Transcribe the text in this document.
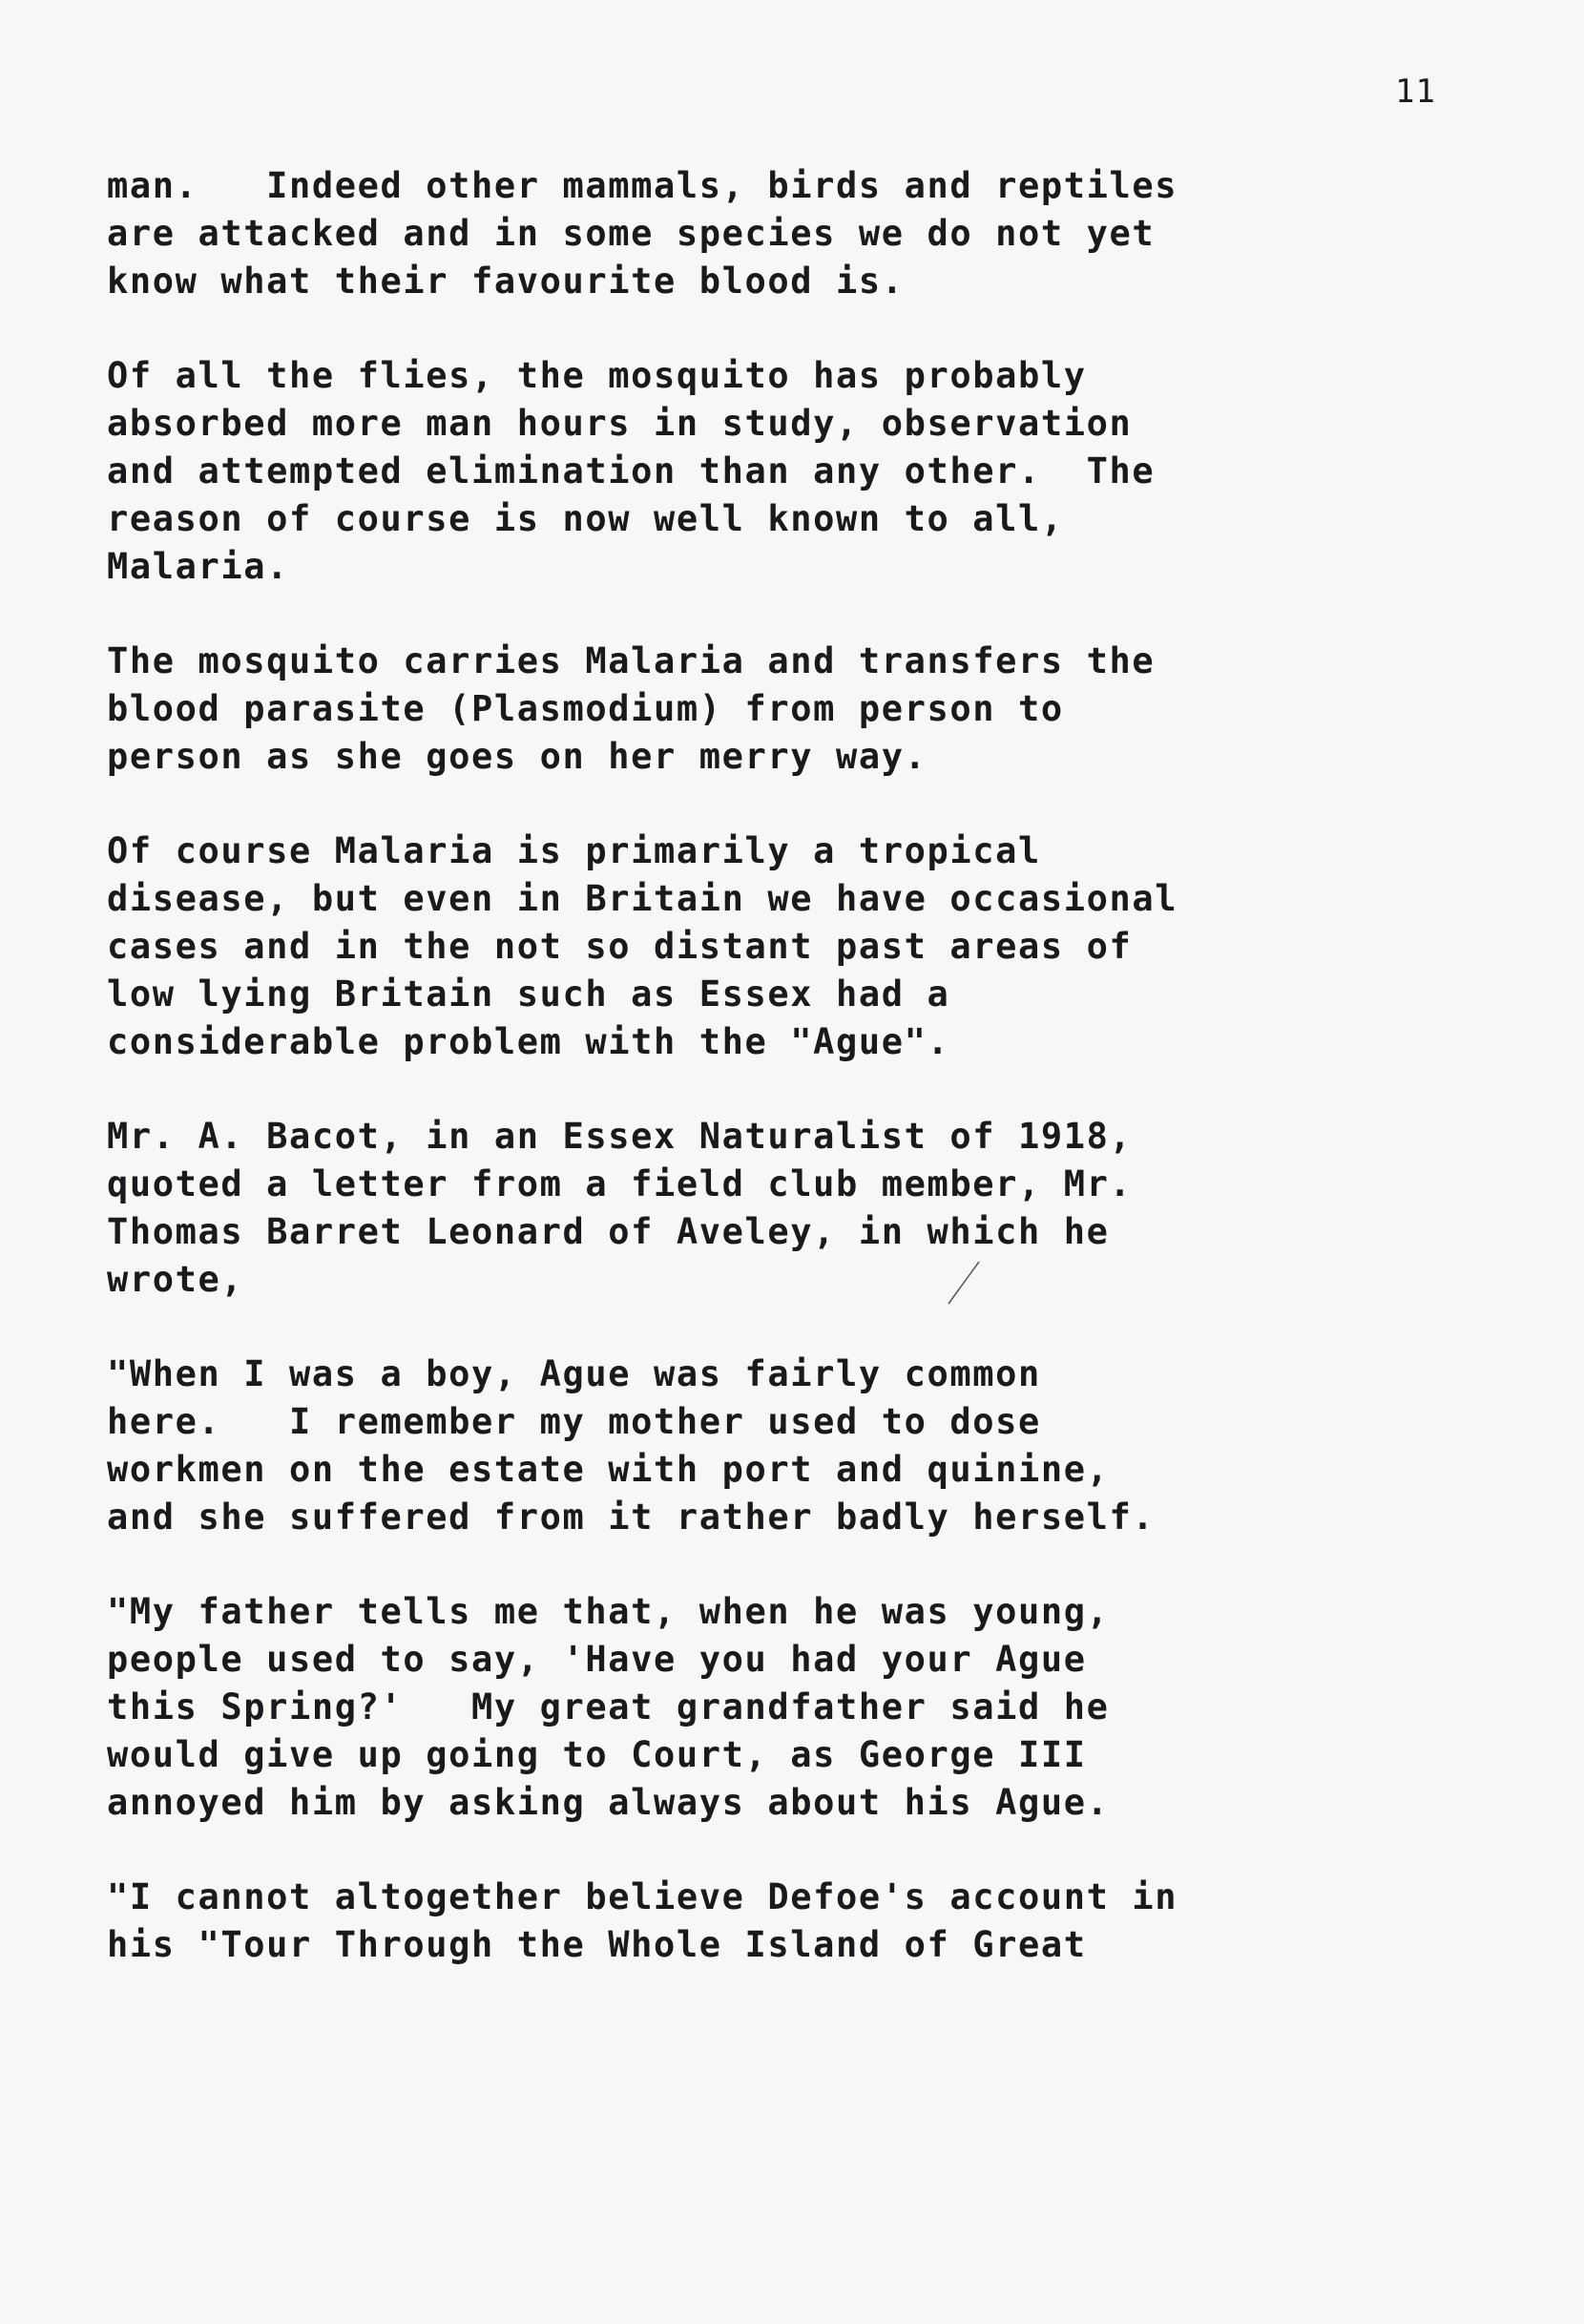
11

man.   Indeed other mammals, birds and reptiles
are attacked and in some species we do not yet
know what their favourite blood is.

Of all the flies, the mosquito has probably
absorbed more man hours in study, observation
and attempted elimination than any other.  The
reason of course is now well known to all,
Malaria.

The mosquito carries Malaria and transfers the
blood parasite (Plasmodium) from person to
person as she goes on her merry way.

Of course Malaria is primarily a tropical
disease, but even in Britain we have occasional
cases and in the not so distant past areas of
low lying Britain such as Essex had a
considerable problem with the "Ague".

Mr. A. Bacot, in an Essex Naturalist of 1918,
quoted a letter from a field club member, Mr.
Thomas Barret Leonard of Aveley, in which he
wrote,

"When I was a boy, Ague was fairly common
here.   I remember my mother used to dose
workmen on the estate with port and quinine,
and she suffered from it rather badly herself.

"My father tells me that, when he was young,
people used to say, 'Have you had your Ague
this Spring?'   My great grandfather said he
would give up going to Court, as George III
annoyed him by asking always about his Ague.

"I cannot altogether believe Defoe's account in
his "Tour Through the Whole Island of Great
